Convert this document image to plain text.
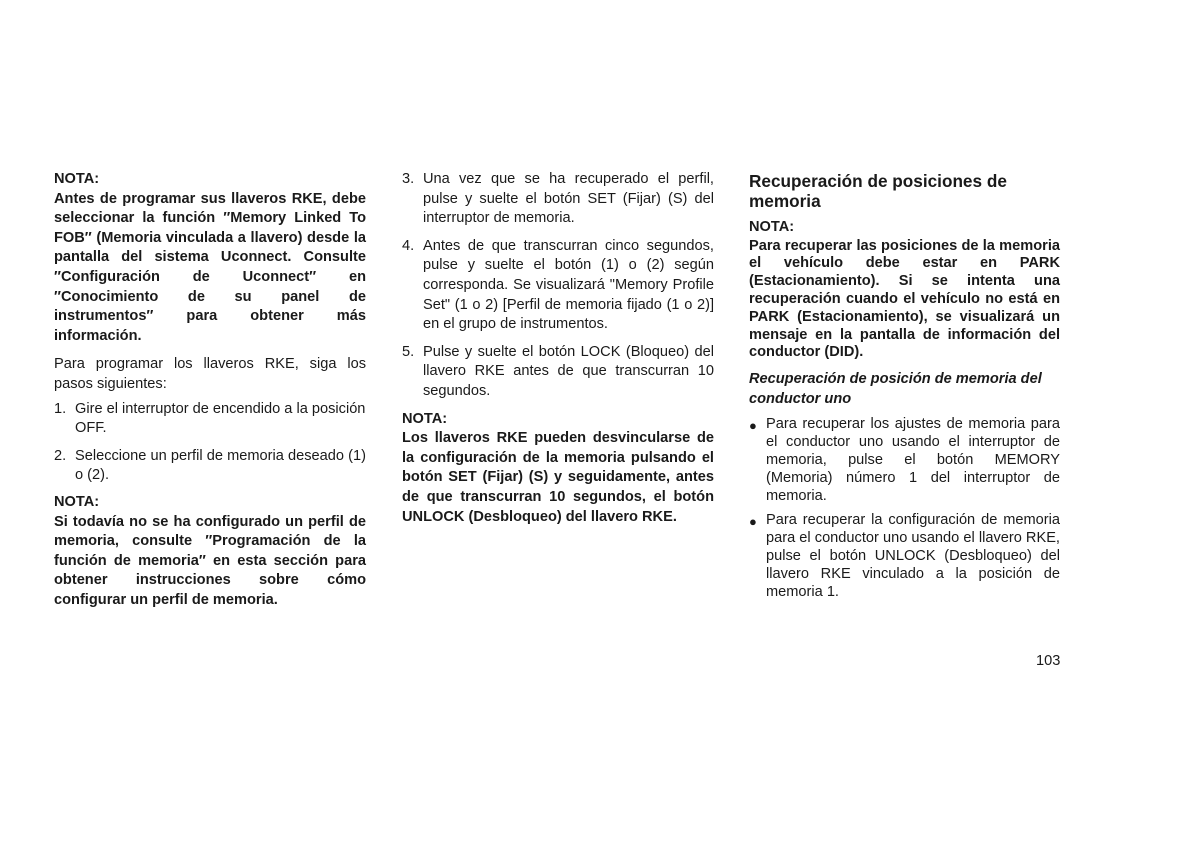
NOTA:

Antes de programar sus llaveros RKE, debe seleccionar la función ″Memory Linked To FOB″ (Memoria vinculada a llavero) desde la pantalla del sistema Uconnect. Consulte ″Configuración de Uconnect″ en ″Conocimiento de su panel de instrumentos″ para obtener más información.

Para programar los llaveros RKE, siga los pasos siguientes:

1. Gire el interruptor de encendido a la posición OFF.
2. Seleccione un perfil de memoria deseado (1) o (2).

NOTA:

Si todavía no se ha configurado un perfil de memoria, consulte ″Programación de la función de memoria″ en esta sección para obtener instrucciones sobre cómo configurar un perfil de memoria.

3. Una vez que se ha recuperado el perfil, pulse y suelte el botón SET (Fijar) (S) del interruptor de memoria.
4. Antes de que transcurran cinco segundos, pulse y suelte el botón (1) o (2) según corresponda. Se visualizará "Memory Profile Set" (1 o 2) [Perfil de memoria fijado (1 o 2)] en el grupo de instrumentos.
5. Pulse y suelte el botón LOCK (Bloqueo) del llavero RKE antes de que transcurran 10 segundos.

NOTA:

Los llaveros RKE pueden desvincularse de la configuración de la memoria pulsando el botón SET (Fijar) (S) y seguidamente, antes de que transcurran 10 segundos, el botón UNLOCK (Desbloqueo) del llavero RKE.

Recuperación de posiciones de memoria

NOTA:

Para recuperar las posiciones de la memoria el vehículo debe estar en PARK (Estacionamiento). Si se intenta una recuperación cuando el vehículo no está en PARK (Estacionamiento), se visualizará un mensaje en la pantalla de información del conductor (DID).

Recuperación de posición de memoria del conductor uno

● Para recuperar los ajustes de memoria para el conductor uno usando el interruptor de memoria, pulse el botón MEMORY (Memoria) número 1 del interruptor de memoria.
● Para recuperar la configuración de memoria para el conductor uno usando el llavero RKE, pulse el botón UNLOCK (Desbloqueo) del llavero RKE vinculado a la posición de memoria 1.
103
